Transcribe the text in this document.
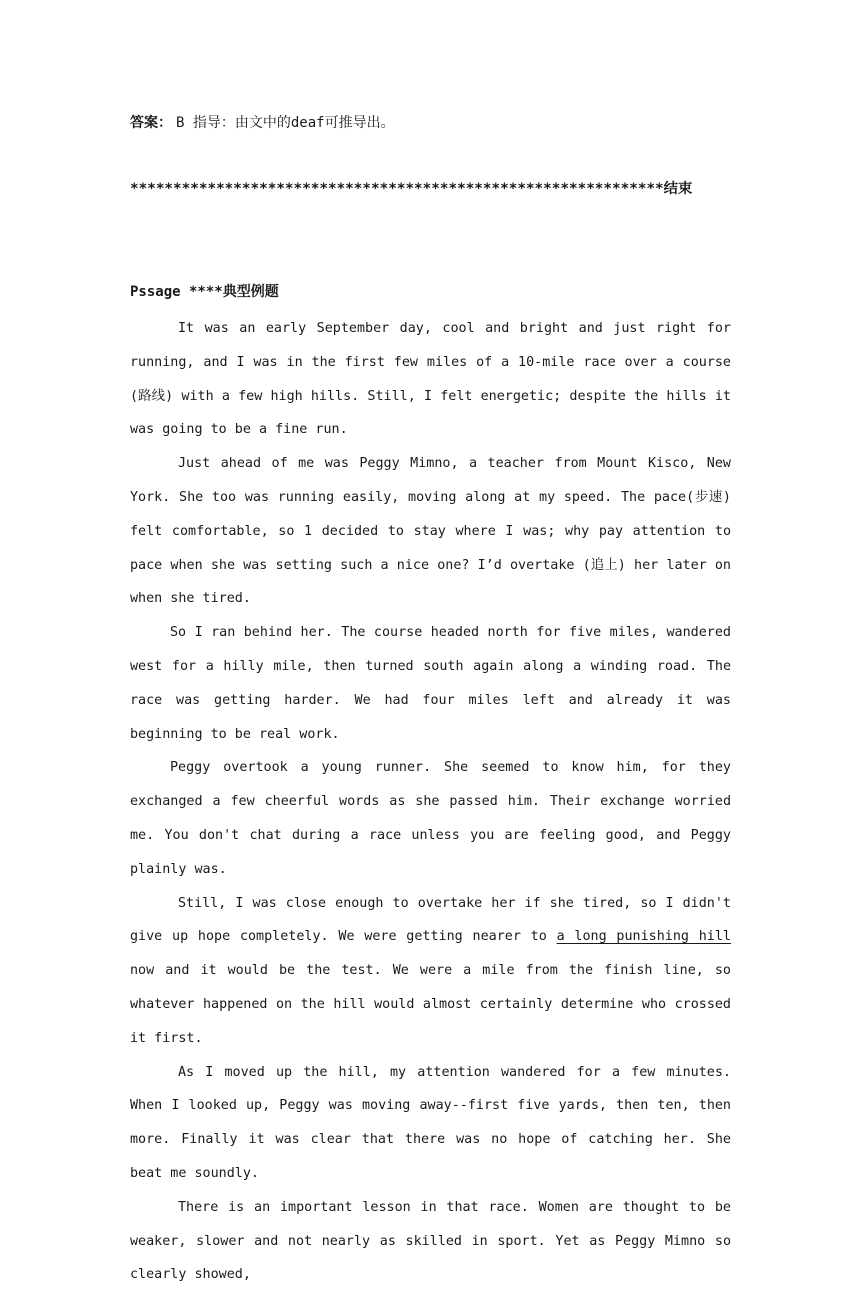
答案： B 指导：由文中的deaf可推导出。
**************************************************************结束
Pssage ****典型例题

It was an early September day, cool and bright and just right for running, and I was in the first few miles of a 10-mile race over a course (路线) with a few high hills. Still, I felt energetic; despite the hills it was going to be a fine run.

Just ahead of me was Peggy Mimno, a teacher from Mount Kisco, New York. She too was running easily, moving along at my speed. The pace(步速) felt comfortable, so 1 decided to stay where I was; why pay attention to pace when she was setting such a nice one? I’d overtake (追上) her later on when she tired.

So I ran behind her. The course headed north for five miles, wandered west for a hilly mile, then turned south again along a winding road. The race was getting harder. We had four miles left and already it was beginning to be real work.

Peggy overtook a young runner. She seemed to know him, for they exchanged a few cheerful words as she passed him. Their exchange worried me. You don't chat during a race unless you are feeling good, and Peggy plainly was.

Still, I was close enough to overtake her if she tired, so I didn't give up hope completely. We were getting nearer to a long punishing hill now and it would be the test. We were a mile from the finish line, so whatever happened on the hill would almost certainly determine who crossed it first.

As I moved up the hill, my attention wandered for a few minutes. When I looked up, Peggy was moving away--first five yards, then ten, then more. Finally it was clear that there was no hope of catching her. She beat me soundly.

There is an important lesson in that race. Women are thought to be weaker, slower and not nearly as skilled in sport. Yet as Peggy Mimno so clearly showed,
